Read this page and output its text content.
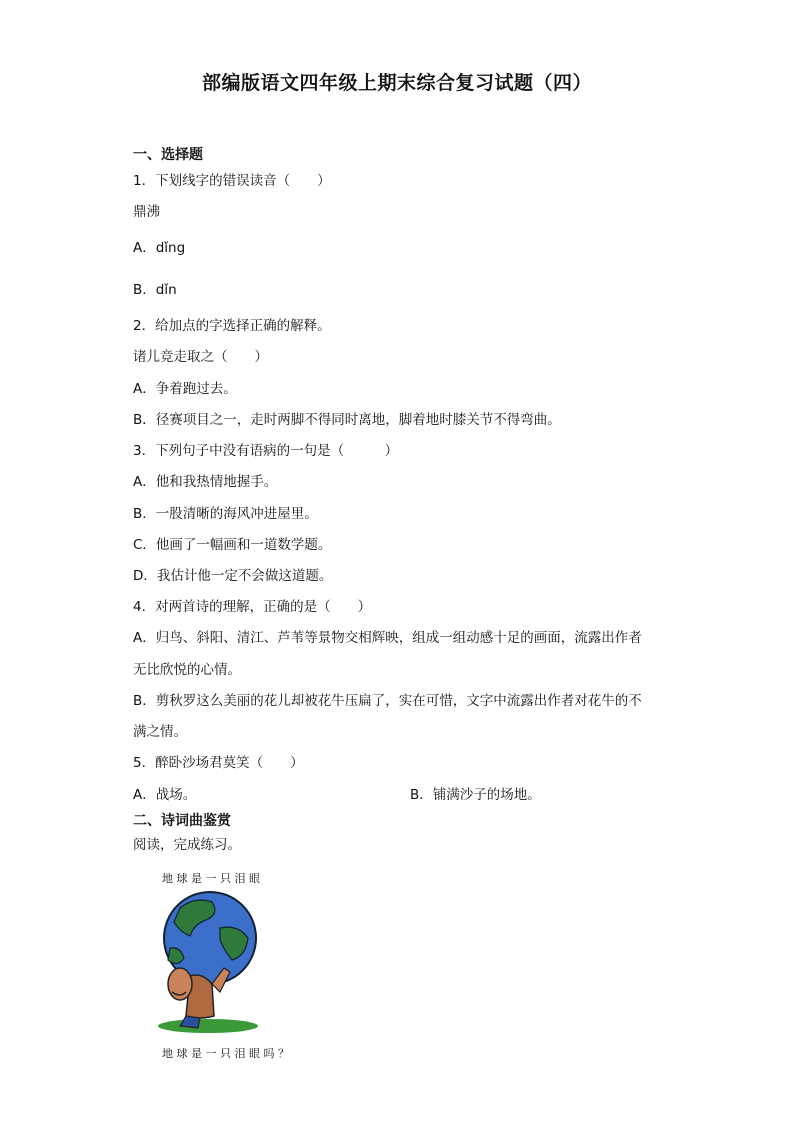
部编版语文四年级上期末综合复习试题（四）
一、选择题
1．下划线字的错误读音（　　）
鼎沸
A．dǐng
B．dǐn
2．给加点的字选择正确的解释。
诸儿竞走取之（　　）
A．争着跑过去。
B．径赛项目之一，走时两脚不得同时离地，脚着地时膝关节不得弯曲。
3．下列句子中没有语病的一句是（　　　）
A．他和我热情地握手。
B．一股清晰的海风冲进屋里。
C．他画了一幅画和一道数学题。
D．我估计他一定不会做这道题。
4．对两首诗的理解，正确的是（　　）
A．归鸟、斜阳、清江、芦苇等景物交相辉映，组成一组动感十足的画面，流露出作者
无比欣悦的心情。
B．剪秋罗这么美丽的花儿却被花牛压扁了，实在可惜，文字中流露出作者对花牛的不
满之情。
5．醉卧沙场君莫笑（　　）
A．战场。	B．铺满沙子的场地。
二、诗词曲鉴赏
阅读，完成练习。
地 球 是 一 只 泪 眼
地 球 是 一 只 泪 眼 吗 ？
